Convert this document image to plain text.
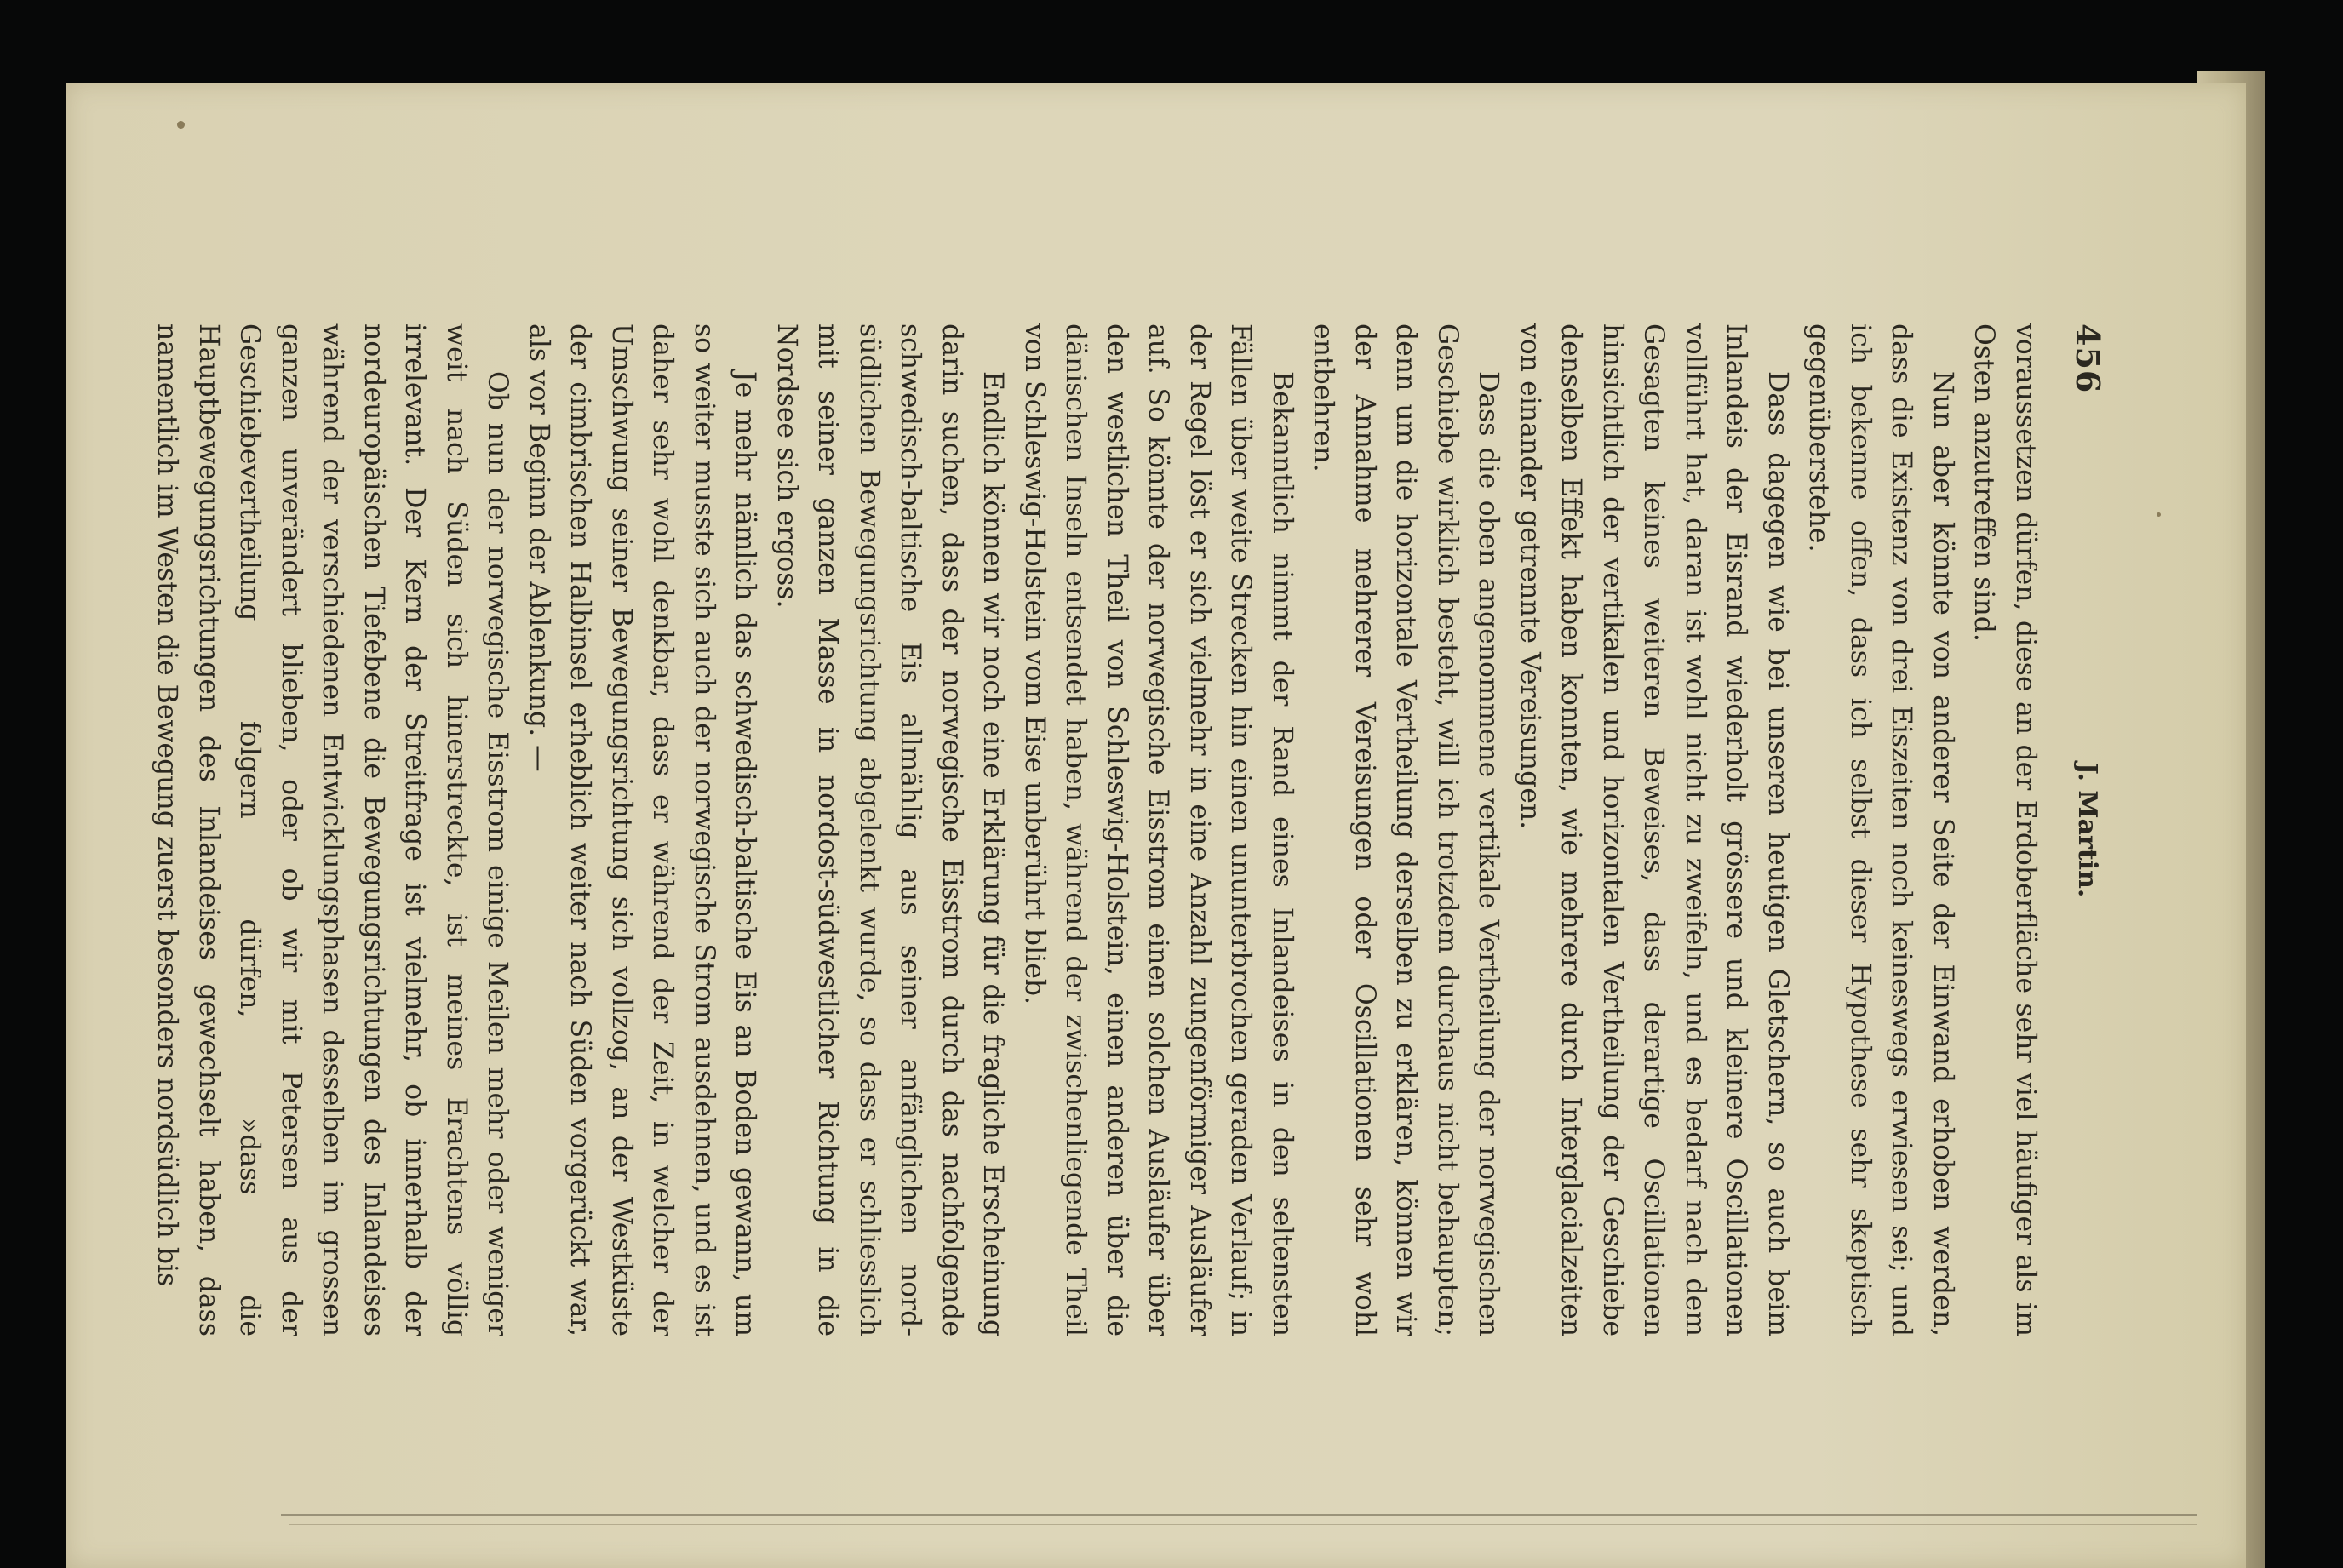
456
J. Martin.

voraussetzen dürfen, diese an der Erdoberfläche sehr viel häufiger als im Osten anzutreffen sind.

Nun aber könnte von anderer Seite der Einwand erhoben werden, dass die Existenz von drei Eiszeiten noch keineswegs erwiesen sei; und ich bekenne offen, dass ich selbst dieser Hypothese sehr skeptisch gegenüberstehe.

Dass dagegen wie bei unseren heutigen Gletschern, so auch beim Inlandeis der Eisrand wiederholt grössere und kleinere Oscillationen vollführt hat, daran ist wohl nicht zu zweifeln, und es bedarf nach dem Gesagten keines weiteren Beweises, dass derartige Oscillationen hinsichtlich der vertikalen und horizontalen Vertheilung der Geschiebe denselben Effekt haben konnten, wie mehrere durch Interglacialzeiten von einander getrennte Vereisungen.

Dass die oben angenommene vertikale Vertheilung der norwegischen Geschiebe wirklich besteht, will ich trotzdem durchaus nicht behaupten; denn um die horizontale Vertheilung derselben zu erklären, können wir der Annahme mehrerer Vereisungen oder Oscillationen sehr wohl entbehren.

Bekanntlich nimmt der Rand eines Inlandeises in den seltensten Fällen über weite Strecken hin einen ununterbrochen geraden Verlauf; in der Regel löst er sich vielmehr in eine Anzahl zungenförmiger Ausläufer auf. So könnte der norwegische Eisstrom einen solchen Ausläufer über den westlichen Theil von Schleswig-Holstein, einen anderen über die dänischen Inseln entsendet haben, während der zwischenliegende Theil von Schleswig-Holstein vom Eise unberührt blieb.

Endlich können wir noch eine Erklärung für die fragliche Erscheinung darin suchen, dass der norwegische Eisstrom durch das nachfolgende schwedisch-baltische Eis allmählig aus seiner anfänglichen nord-südlichen Bewegungsrichtung abgelenkt wurde, so dass er schliesslich mit seiner ganzen Masse in nordost-südwestlicher Richtung in die Nordsee sich ergoss.

Je mehr nämlich das schwedisch-baltische Eis an Boden gewann, um so weiter musste sich auch der norwegische Strom ausdehnen, und es ist daher sehr wohl denkbar, dass er während der Zeit, in welcher der Umschwung seiner Bewegungsrichtung sich vollzog, an der Westküste der cimbrischen Halbinsel erheblich weiter nach Süden vorgerückt war, als vor Beginn der Ablenkung. —

Ob nun der norwegische Eisstrom einige Meilen mehr oder weniger weit nach Süden sich hinerstreckte, ist meines Erachtens völlig irrelevant. Der Kern der Streitfrage ist vielmehr, ob innerhalb der nordeuropäischen Tiefebene die Bewegungsrichtungen des Inlandeises während der verschiedenen Entwicklungsphasen desselben im grossen ganzen unverändert blieben, oder ob wir mit Petersen aus der Geschiebevertheilung folgern dürfen, »dass die Hauptbewegungsrichtungen des Inlandeises gewechselt haben, dass namentlich im Westen die Bewegung zuerst besonders nordsüdlich bis
